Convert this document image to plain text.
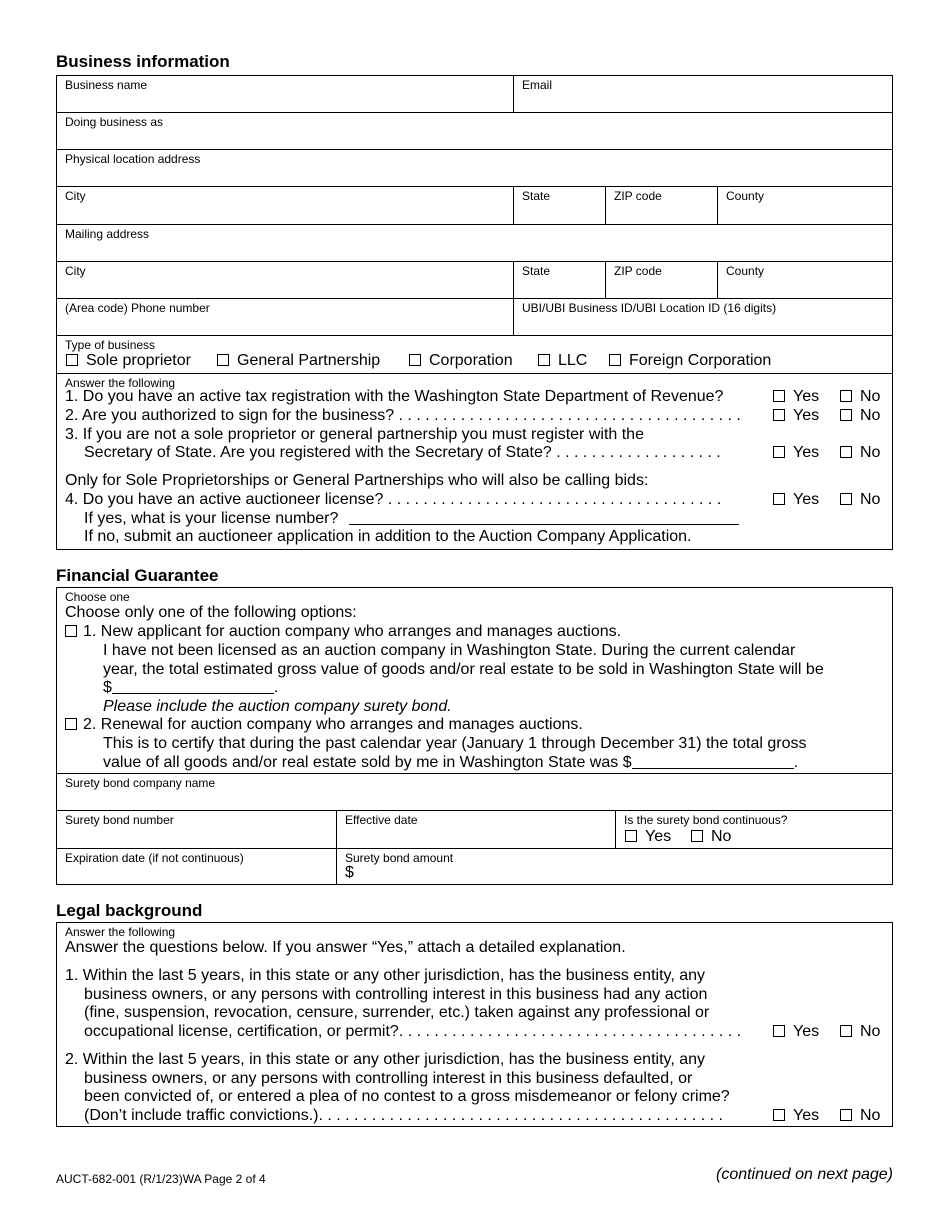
Business information
Business name	Email
Doing business as
Physical location address
City	State	ZIP code	County
Mailing address
City	State	ZIP code	County
(Area code) Phone number	UBI/UBI Business ID/UBI Location ID (16 digits)
Type of business
Sole proprietor	General Partnership	Corporation	LLC	Foreign Corporation
Answer the following
1. Do you have an active tax registration with the Washington State Department of Revenue?	Yes	No
2. Are you authorized to sign for the business? . . . . . . . . . . . . . . . . . . . . . . . . . . . . . . . . . . . . . . .	Yes	No
3. If you are not a sole proprietor or general partnership you must register with the
Secretary of State. Are you registered with the Secretary of State? . . . . . . . . . . . . . . . . . . .	Yes	No
Only for Sole Proprietorships or General Partnerships who will also be calling bids:
4. Do you have an active auctioneer license? . . . . . . . . . . . . . . . . . . . . . . . . . . . . . . . . . . . . . .	Yes	No
If yes, what is your license number?
If no, submit an auctioneer application in addition to the Auction Company Application.
Financial Guarantee
Choose one
Choose only one of the following options:
1. New applicant for auction company who arranges and manages auctions.
I have not been licensed as an auction company in Washington State. During the current calendar
year, the total estimated gross value of goods and/or real estate to be sold in Washington State will be
$	.
Please include the auction company surety bond.
2. Renewal for auction company who arranges and manages auctions.
This is to certify that during the past calendar year (January 1 through December 31) the total gross
value of all goods and/or real estate sold by me in Washington State was $	.
Surety bond company name
Surety bond number	Effective date	Is the surety bond continuous?
Yes	No
Expiration date (if not continuous)	Surety bond amount
$
Legal background
Answer the following
Answer the questions below. If you answer “Yes,” attach a detailed explanation.
1. Within the last 5 years, in this state or any other jurisdiction, has the business entity, any
business owners, or any persons with controlling interest in this business had any action
(fine, suspension, revocation, censure, surrender, etc.) taken against any professional or
occupational license, certification, or permit?. . . . . . . . . . . . . . . . . . . . . . . . . . . . . . . . . . . . . . .	Yes	No
2. Within the last 5 years, in this state or any other jurisdiction, has the business entity, any
business owners, or any persons with controlling interest in this business defaulted, or
been convicted of, or entered a plea of no contest to a gross misdemeanor or felony crime?
(Don’t include traffic convictions.). . . . . . . . . . . . . . . . . . . . . . . . . . . . . . . . . . . . . . . . . . . . . .	Yes	No
AUCT-682-001 (R/1/23)WA Page 2 of 4	(continued on next page)
